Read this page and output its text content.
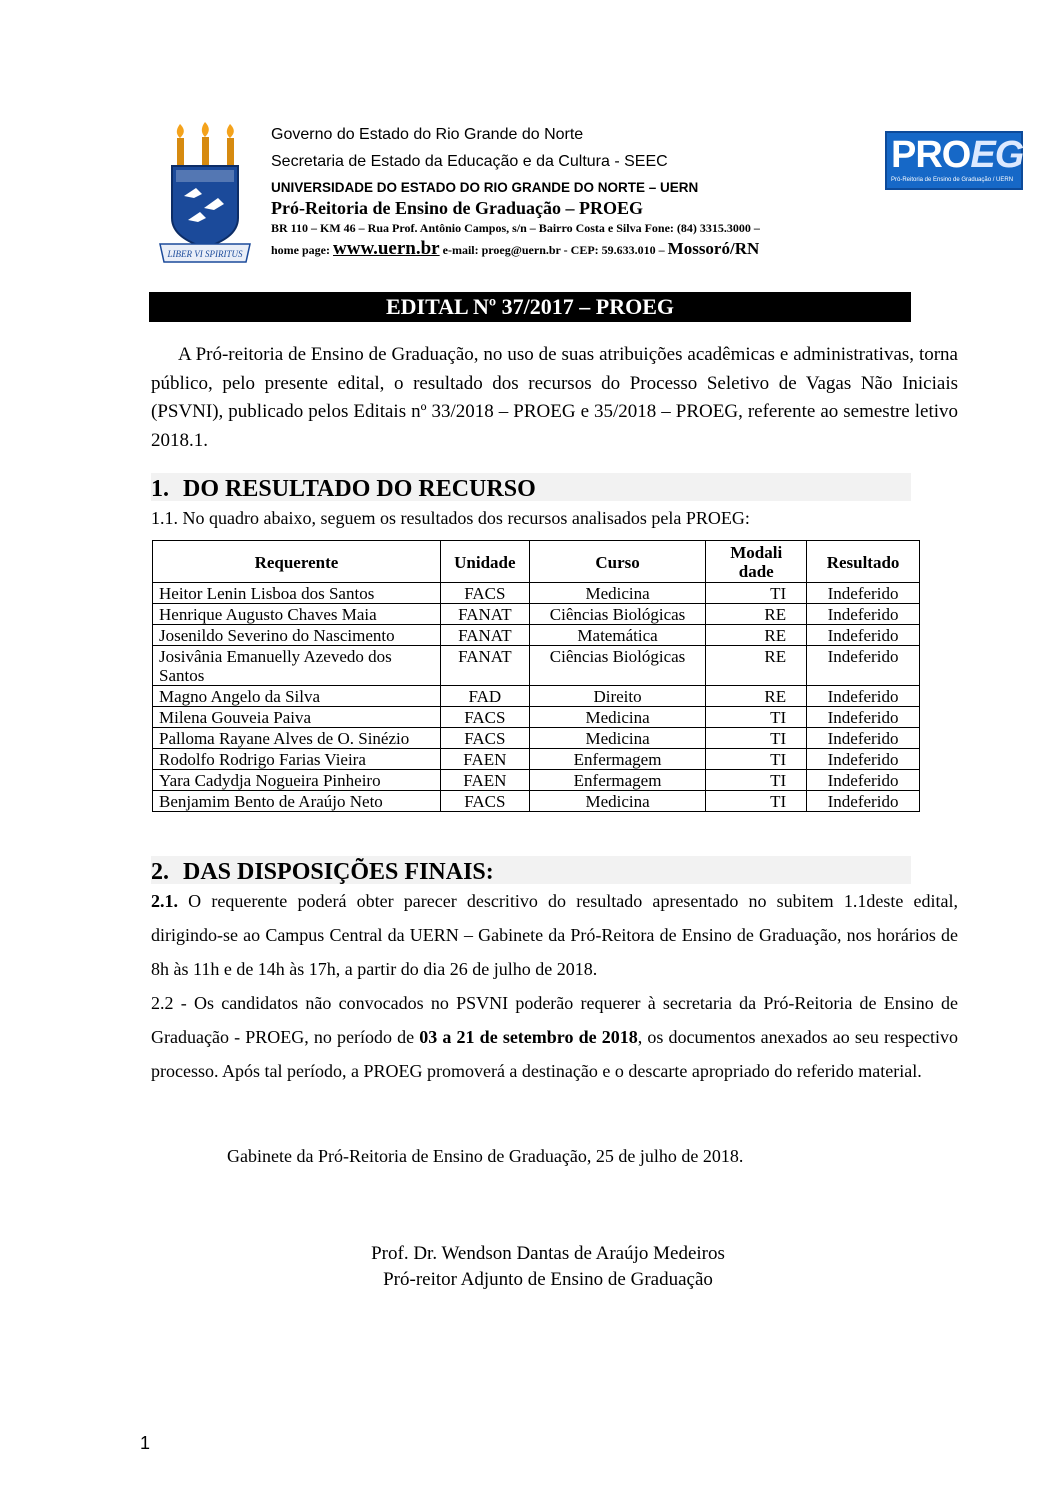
LIBER VI SPIRITUS
Governo do Estado do Rio Grande do Norte
Secretaria de Estado da Educação e da Cultura - SEEC
UNIVERSIDADE DO ESTADO DO RIO GRANDE DO NORTE – UERN
Pró-Reitoria de Ensino de Graduação – PROEG
BR 110 – KM 46 – Rua Prof. Antônio Campos, s/n – Bairro Costa e Silva Fone: (84) 3315.3000 –
home page: www.uern.br e-mail: proeg@uern.br - CEP: 59.633.010 – Mossoró/RN
PROEG
Pró-Reitoria de Ensino de Graduação / UERN
EDITAL Nº 37/2017 – PROEG
A Pró-reitoria de Ensino de Graduação, no uso de suas atribuições acadêmicas e administrativas, torna público, pelo presente edital, o resultado dos recursos do Processo Seletivo de Vagas Não Iniciais (PSVNI), publicado pelos Editais nº 33/2018 – PROEG e 35/2018 – PROEG, referente ao semestre letivo 2018.1.
1. DO RESULTADO DO RECURSO
1.1. No quadro abaixo, seguem os resultados dos recursos analisados pela PROEG:
Requerente	Unidade	Curso	Modali dade	Resultado
Heitor Lenin Lisboa dos Santos	FACS	Medicina	TI	Indeferido
Henrique Augusto Chaves Maia	FANAT	Ciências Biológicas	RE	Indeferido
Josenildo Severino do Nascimento	FANAT	Matemática	RE	Indeferido
Josivânia Emanuelly Azevedo dos Santos	FANAT	Ciências Biológicas	RE	Indeferido
Magno Angelo da Silva	FAD	Direito	RE	Indeferido
Milena Gouveia Paiva	FACS	Medicina	TI	Indeferido
Palloma Rayane Alves de O. Sinézio	FACS	Medicina	TI	Indeferido
Rodolfo Rodrigo Farias Vieira	FAEN	Enfermagem	TI	Indeferido
Yara Cadydja Nogueira Pinheiro	FAEN	Enfermagem	TI	Indeferido
Benjamim Bento de Araújo Neto	FACS	Medicina	TI	Indeferido
2. DAS DISPOSIÇÕES FINAIS:
2.1. O requerente poderá obter parecer descritivo do resultado apresentado no subitem 1.1deste edital, dirigindo-se ao Campus Central da UERN – Gabinete da Pró-Reitora de Ensino de Graduação, nos horários de 8h às 11h e de 14h às 17h, a partir do dia 26 de julho de 2018.
2.2 - Os candidatos não convocados no PSVNI poderão requerer à secretaria da Pró-Reitoria de Ensino de Graduação - PROEG, no período de 03 a 21 de setembro de 2018, os documentos anexados ao seu respectivo processo. Após tal período, a PROEG promoverá a destinação e o descarte apropriado do referido material.
Gabinete da Pró-Reitoria de Ensino de Graduação, 25 de julho de 2018.
Prof. Dr. Wendson Dantas de Araújo Medeiros
Pró-reitor Adjunto de Ensino de Graduação
1
